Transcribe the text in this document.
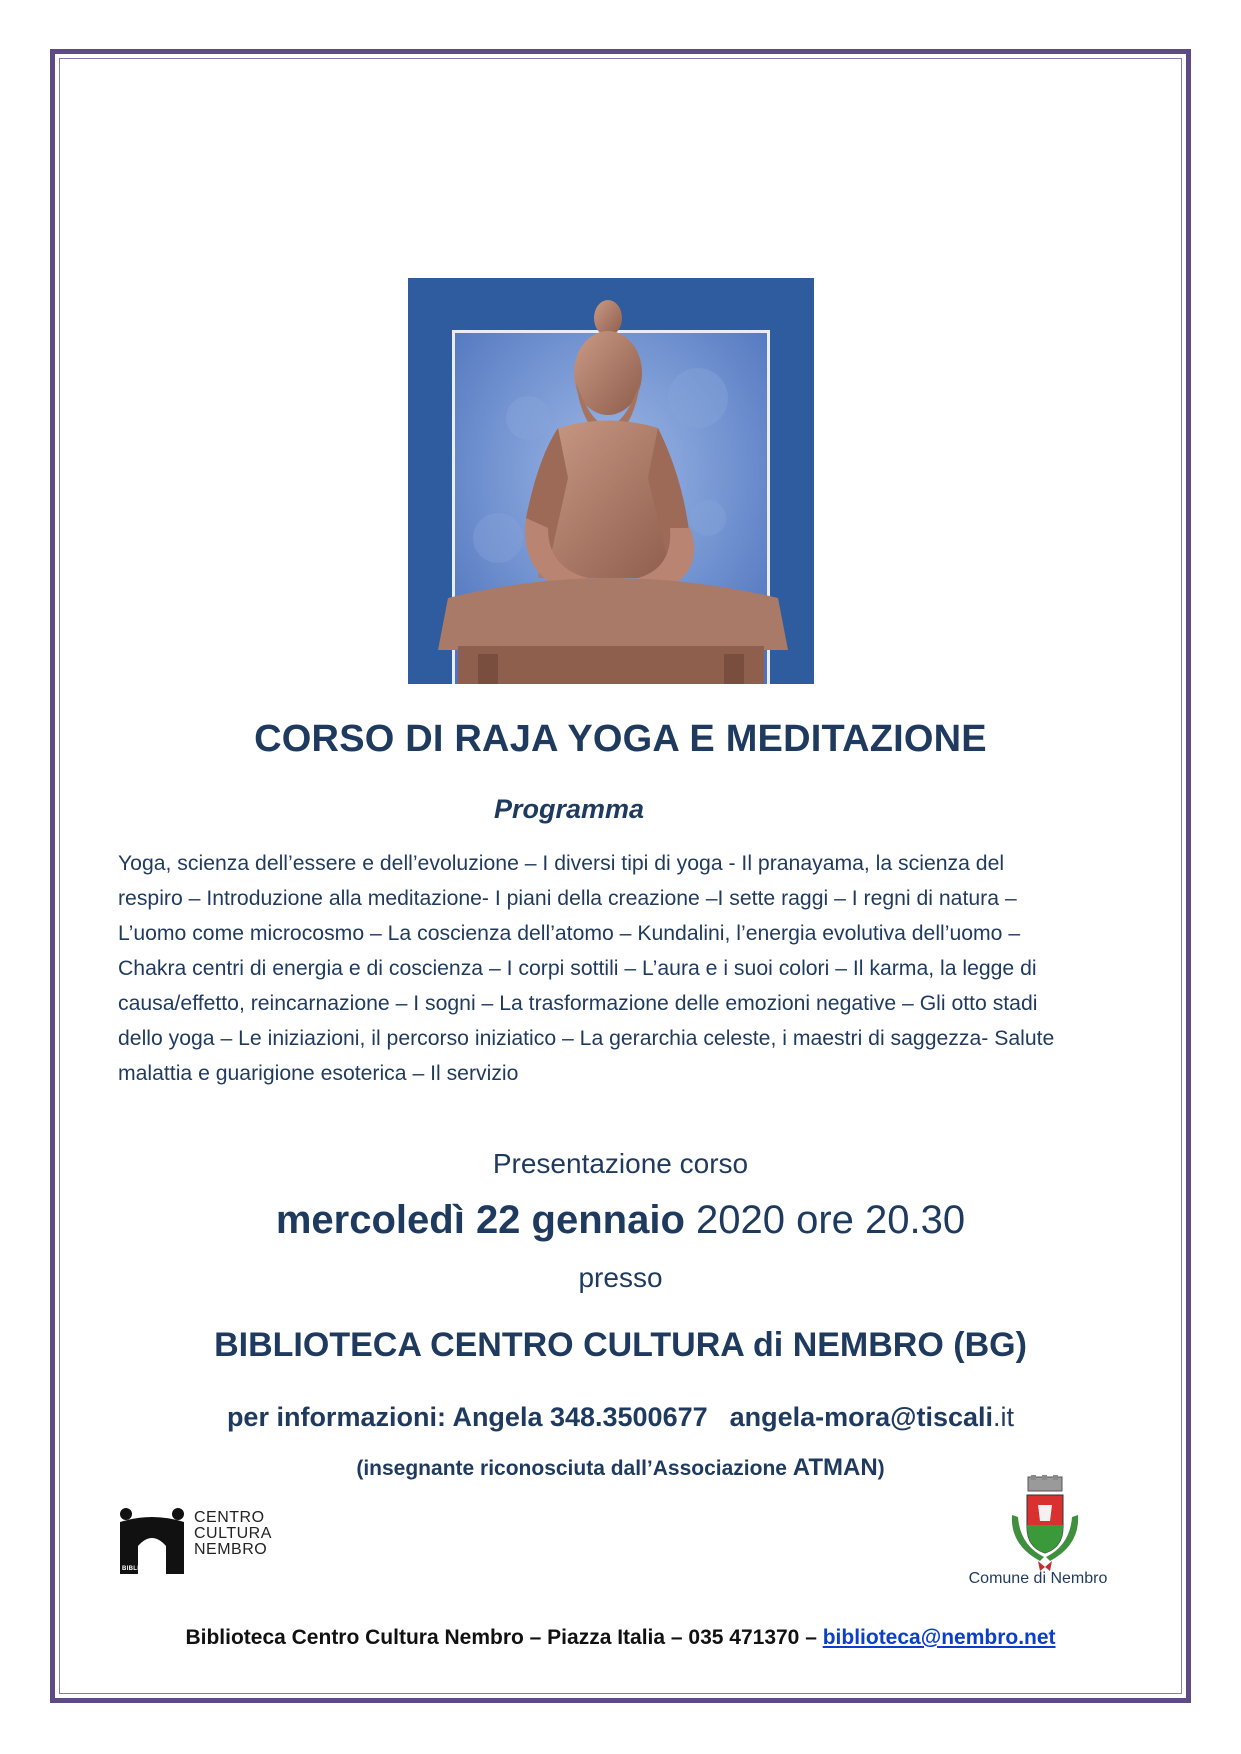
CORSO DI RAJA YOGA E MEDITAZIONE
Programma
Yoga, scienza dell’essere e dell’evoluzione – I diversi tipi di yoga - Il pranayama, la scienza del
respiro – Introduzione alla meditazione- I piani della creazione –I sette raggi – I regni di natura –
L’uomo come microcosmo – La coscienza dell’atomo – Kundalini, l’energia evolutiva dell’uomo –
Chakra centri di energia e di coscienza – I corpi sottili – L’aura e i suoi colori – Il karma, la legge di
causa/effetto, reincarnazione – I sogni – La trasformazione delle emozioni negative – Gli otto stadi
dello yoga – Le iniziazioni, il percorso iniziatico – La gerarchia celeste, i maestri di saggezza- Salute
malattia e guarigione esoterica – Il servizio
Presentazione corso
mercoledì 22 gennaio 2020 ore 20.30
presso
BIBLIOTECA CENTRO CULTURA di NEMBRO (BG)
per informazioni: Angela 348.3500677 angela-mora@tiscali.it
(insegnante riconosciuta dall’Associazione ATMAN)
CENTRO
CULTURA
NEMBRO
BIBLIOTECA
Comune di Nembro
Biblioteca Centro Cultura Nembro – Piazza Italia – 035 471370 – biblioteca@nembro.net
